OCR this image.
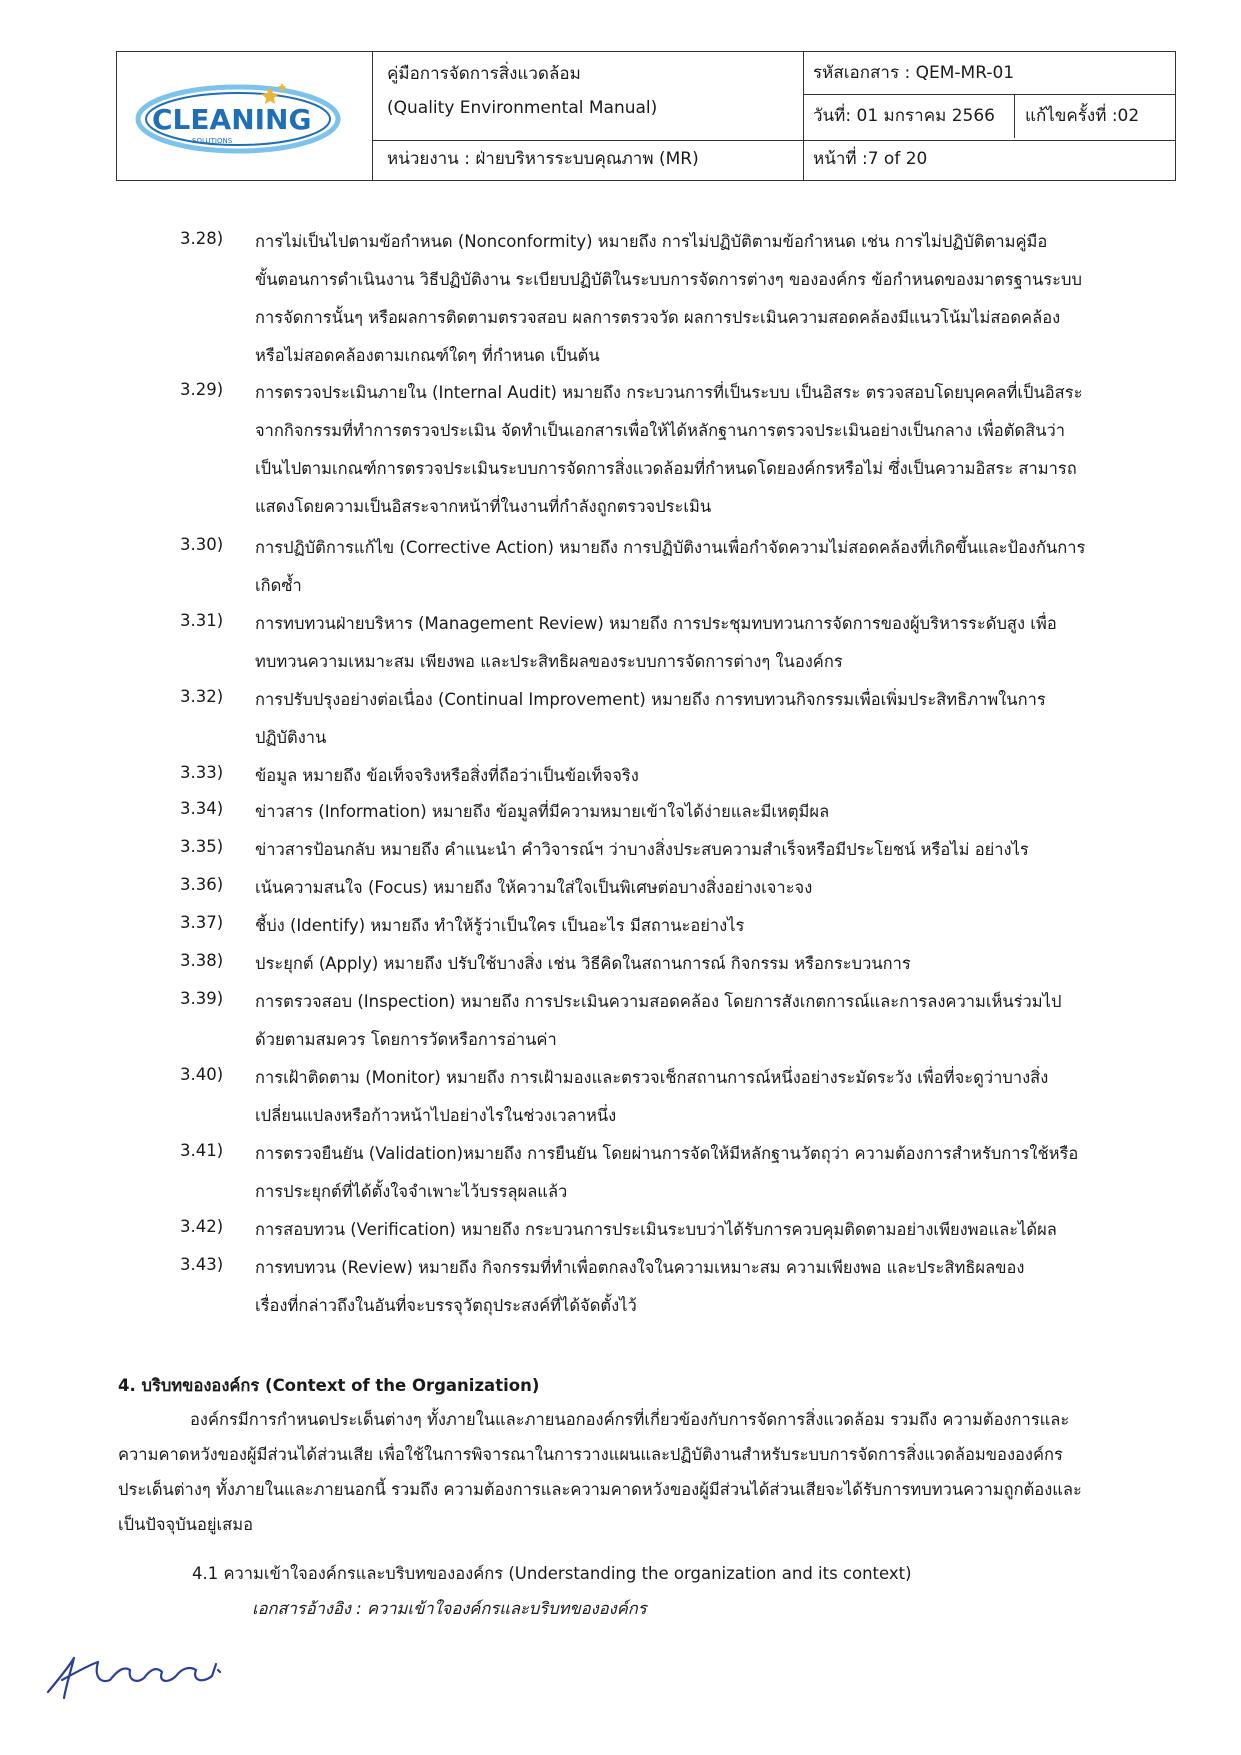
คู่มือการจัดการสิ่งแวดล้อม
(Quality Environmental Manual)
หน่วยงาน : ฝ่ายบริหารระบบคุณภาพ (MR)
รหัสเอกสาร : QEM-MR-01
วันที่: 01 มกราคม 2566 แก้ไขครั้งที่ :02
หน้าที่ :7 of 20
CLEANING
SOLUTIONS
3.28)	การไม่เป็นไปตามข้อกำหนด (Nonconformity) หมายถึง การไม่ปฏิบัติตามข้อกำหนด เช่น การไม่ปฏิบัติตามคู่มือ
ขั้นตอนการดำเนินงาน วิธีปฏิบัติงาน ระเบียบปฏิบัติในระบบการจัดการต่างๆ ขององค์กร ข้อกำหนดของมาตรฐานระบบ
การจัดการนั้นๆ หรือผลการติดตามตรวจสอบ ผลการตรวจวัด ผลการประเมินความสอดคล้องมีแนวโน้มไม่สอดคล้อง
หรือไม่สอดคล้องตามเกณฑ์ใดๆ ที่กำหนด เป็นต้น
3.29)	การตรวจประเมินภายใน (Internal Audit) หมายถึง กระบวนการที่เป็นระบบ เป็นอิสระ ตรวจสอบโดยบุคคลที่เป็นอิสระ
จากกิจกรรมที่ทำการตรวจประเมิน จัดทำเป็นเอกสารเพื่อให้ได้หลักฐานการตรวจประเมินอย่างเป็นกลาง เพื่อตัดสินว่า
เป็นไปตามเกณฑ์การตรวจประเมินระบบการจัดการสิ่งแวดล้อมที่กำหนดโดยองค์กรหรือไม่ ซึ่งเป็นความอิสระ สามารถ
แสดงโดยความเป็นอิสระจากหน้าที่ในงานที่กำลังถูกตรวจประเมิน
3.30)	การปฏิบัติการแก้ไข (Corrective Action) หมายถึง การปฏิบัติงานเพื่อกำจัดความไม่สอดคล้องที่เกิดขึ้นและป้องกันการ
เกิดซ้ำ
3.31)	การทบทวนฝ่ายบริหาร (Management Review) หมายถึง การประชุมทบทวนการจัดการของผู้บริหารระดับสูง เพื่อ
ทบทวนความเหมาะสม เพียงพอ และประสิทธิผลของระบบการจัดการต่างๆ ในองค์กร
3.32)	การปรับปรุงอย่างต่อเนื่อง (Continual Improvement) หมายถึง การทบทวนกิจกรรมเพื่อเพิ่มประสิทธิภาพในการ
ปฏิบัติงาน
3.33)	ข้อมูล หมายถึง ข้อเท็จจริงหรือสิ่งที่ถือว่าเป็นข้อเท็จจริง
3.34)	ข่าวสาร (Information) หมายถึง ข้อมูลที่มีความหมายเข้าใจได้ง่ายและมีเหตุมีผล
3.35)	ข่าวสารป้อนกลับ หมายถึง คำแนะนำ คำวิจารณ์ฯ ว่าบางสิ่งประสบความสำเร็จหรือมีประโยชน์ หรือไม่ อย่างไร
3.36)	เน้นความสนใจ (Focus) หมายถึง ให้ความใส่ใจเป็นพิเศษต่อบางสิ่งอย่างเจาะจง
3.37)	ชี้บ่ง (Identify) หมายถึง ทำให้รู้ว่าเป็นใคร เป็นอะไร มีสถานะอย่างไร
3.38)	ประยุกต์ (Apply) หมายถึง ปรับใช้บางสิ่ง เช่น วิธีคิดในสถานการณ์ กิจกรรม หรือกระบวนการ
3.39)	การตรวจสอบ (Inspection) หมายถึง การประเมินความสอดคล้อง โดยการสังเกตการณ์และการลงความเห็นร่วมไป
ด้วยตามสมควร โดยการวัดหรือการอ่านค่า
3.40)	การเฝ้าติดตาม (Monitor) หมายถึง การเฝ้ามองและตรวจเช็กสถานการณ์หนึ่งอย่างระมัดระวัง เพื่อที่จะดูว่าบางสิ่ง
เปลี่ยนแปลงหรือก้าวหน้าไปอย่างไรในช่วงเวลาหนึ่ง
3.41)	การตรวจยืนยัน (Validation)หมายถึง การยืนยัน โดยผ่านการจัดให้มีหลักฐานวัตถุว่า ความต้องการสำหรับการใช้หรือ
การประยุกต์ที่ได้ตั้งใจจำเพาะไว้บรรลุผลแล้ว
3.42)	การสอบทวน (Verification) หมายถึง กระบวนการประเมินระบบว่าได้รับการควบคุมติดตามอย่างเพียงพอและได้ผล
3.43)	การทบทวน (Review) หมายถึง กิจกรรมที่ทำเพื่อตกลงใจในความเหมาะสม ความเพียงพอ และประสิทธิผลของ
เรื่องที่กล่าวถึงในอันที่จะบรรจุวัตถุประสงค์ที่ได้จัดตั้งไว้
4. บริบทขององค์กร (Context of the Organization)
องค์กรมีการกำหนดประเด็นต่างๆ ทั้งภายในและภายนอกองค์กรที่เกี่ยวข้องกับการจัดการสิ่งแวดล้อม รวมถึง ความต้องการและ
ความคาดหวังของผู้มีส่วนได้ส่วนเสีย เพื่อใช้ในการพิจารณาในการวางแผนและปฏิบัติงานสำหรับระบบการจัดการสิ่งแวดล้อมขององค์กร
ประเด็นต่างๆ ทั้งภายในและภายนอกนี้ รวมถึง ความต้องการและความคาดหวังของผู้มีส่วนได้ส่วนเสียจะได้รับการทบทวนความถูกต้องและ
เป็นปัจจุบันอยู่เสมอ
4.1 ความเข้าใจองค์กรและบริบทขององค์กร (Understanding the organization and its context)
เอกสารอ้างอิง : ความเข้าใจองค์กรและบริบทขององค์กร
